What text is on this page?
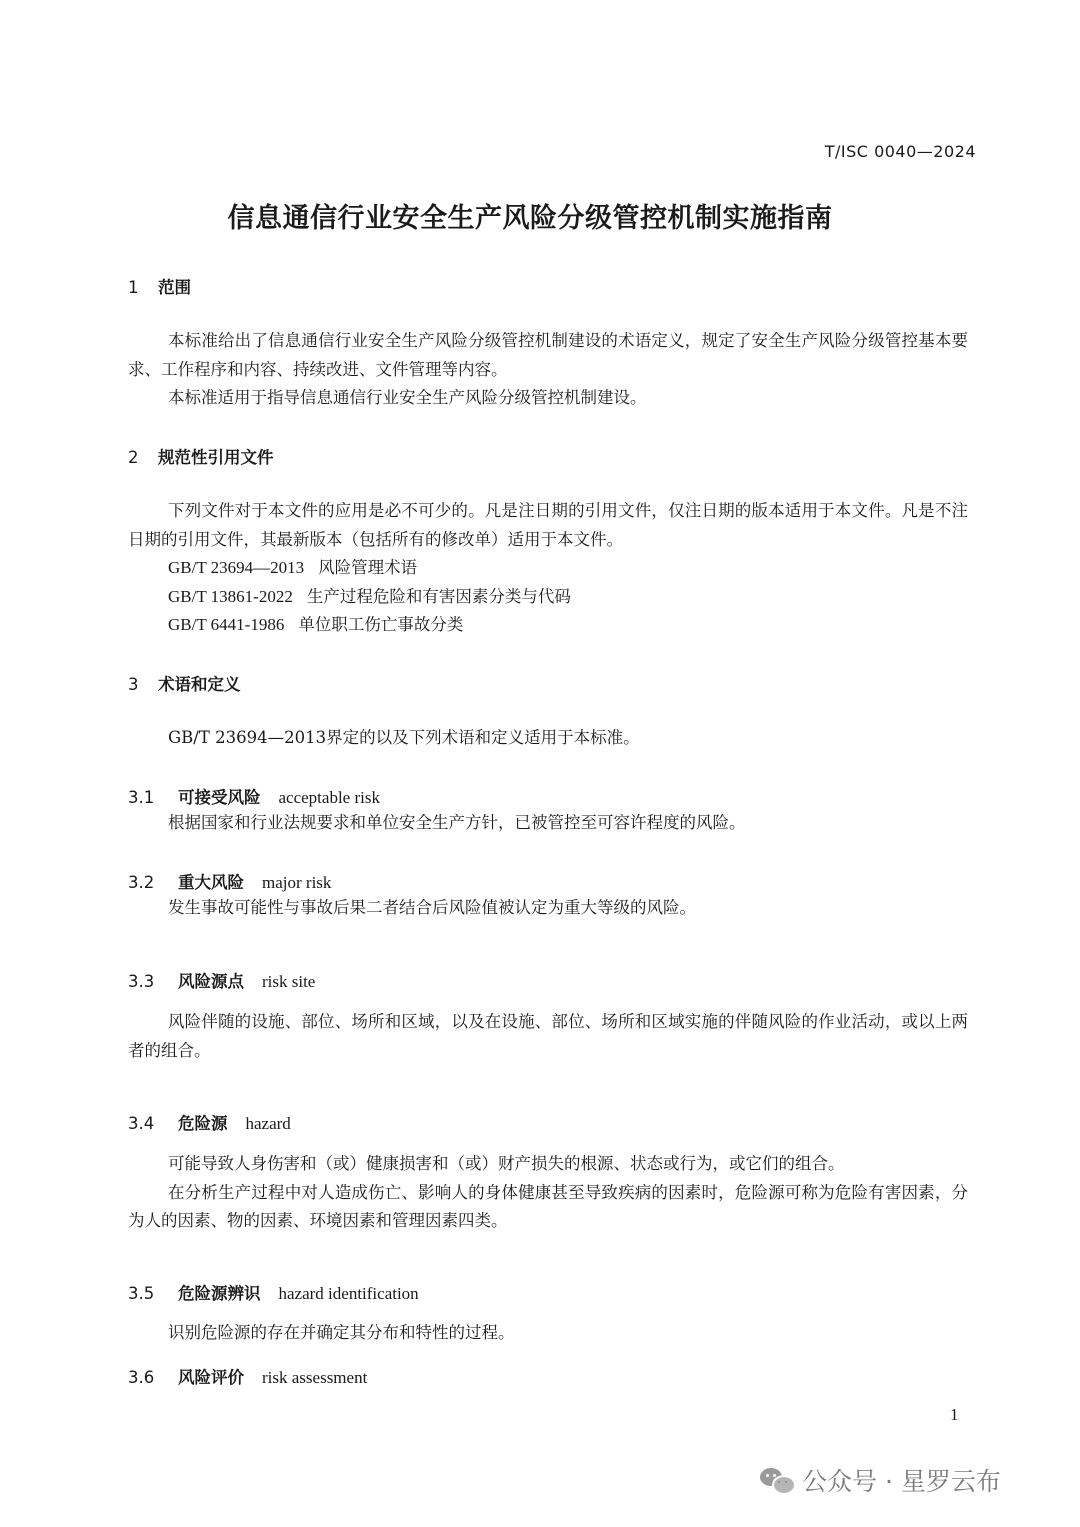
T/ISC 0040—2024
信息通信行业安全生产风险分级管控机制实施指南
1 范围

本标准给出了信息通信行业安全生产风险分级管控机制建设的术语定义，规定了安全生产风险分级管控基本要求、工作程序和内容、持续改进、文件管理等内容。

本标准适用于指导信息通信行业安全生产风险分级管控机制建设。

2 规范性引用文件

下列文件对于本文件的应用是必不可少的。凡是注日期的引用文件，仅注日期的版本适用于本文件。凡是不注日期的引用文件，其最新版本（包括所有的修改单）适用于本文件。

GB/T 23694—2013 风险管理术语
GB/T 13861-2022 生产过程危险和有害因素分类与代码
GB/T 6441-1986 单位职工伤亡事故分类
3 术语和定义

GB/T 23694—2013界定的以及下列术语和定义适用于本标准。

3.1 可接受风险 acceptable risk

根据国家和行业法规要求和单位安全生产方针，已被管控至可容许程度的风险。

3.2 重大风险 major risk

发生事故可能性与事故后果二者结合后风险值被认定为重大等级的风险。

3.3 风险源点 risk site

风险伴随的设施、部位、场所和区域，以及在设施、部位、场所和区域实施的伴随风险的作业活动，或以上两者的组合。

3.4 危险源 hazard

可能导致人身伤害和（或）健康损害和（或）财产损失的根源、状态或行为，或它们的组合。

在分析生产过程中对人造成伤亡、影响人的身体健康甚至导致疾病的因素时，危险源可称为危险有害因素，分为人的因素、物的因素、环境因素和管理因素四类。

3.5 危险源辨识 hazard identification

识别危险源的存在并确定其分布和特性的过程。

3.6 风险评价 risk assessment
1
公众号 · 星罗云布
